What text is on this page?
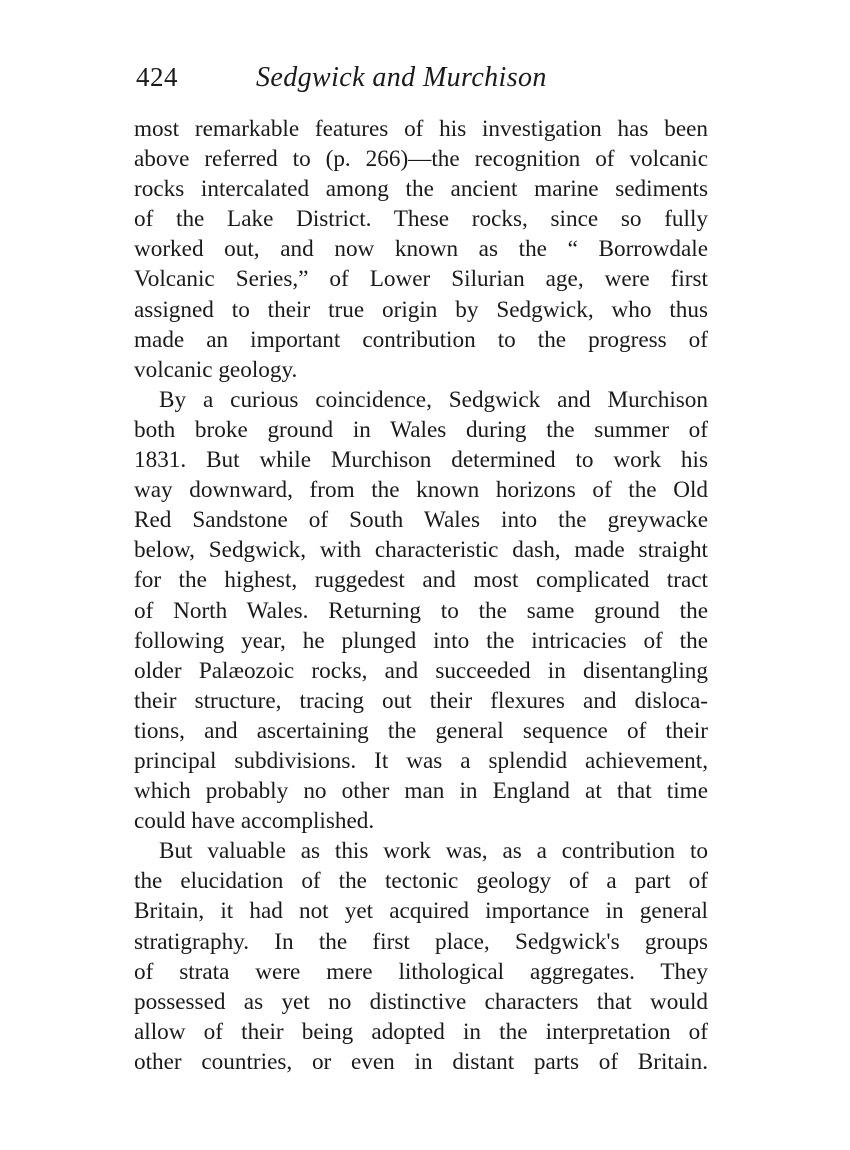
424	Sedgwick and Murchison
most remarkable features of his investigation has been
above referred to (p. 266)—the recognition of volcanic
rocks intercalated among the ancient marine sediments
of the Lake District. These rocks, since so fully
worked out, and now known as the “ Borrowdale
Volcanic Series,” of Lower Silurian age, were first
assigned to their true origin by Sedgwick, who thus
made an important contribution to the progress of
volcanic geology.
By a curious coincidence, Sedgwick and Murchison
both broke ground in Wales during the summer of
1831. But while Murchison determined to work his
way downward, from the known horizons of the Old
Red Sandstone of South Wales into the greywacke
below, Sedgwick, with characteristic dash, made straight
for the highest, ruggedest and most complicated tract
of North Wales. Returning to the same ground the
following year, he plunged into the intricacies of the
older Palæozoic rocks, and succeeded in disentangling
their structure, tracing out their flexures and disloca-
tions, and ascertaining the general sequence of their
principal subdivisions. It was a splendid achievement,
which probably no other man in England at that time
could have accomplished.
But valuable as this work was, as a contribution to
the elucidation of the tectonic geology of a part of
Britain, it had not yet acquired importance in general
stratigraphy. In the first place, Sedgwick's groups
of strata were mere lithological aggregates. They
possessed as yet no distinctive characters that would
allow of their being adopted in the interpretation of
other countries, or even in distant parts of Britain.
